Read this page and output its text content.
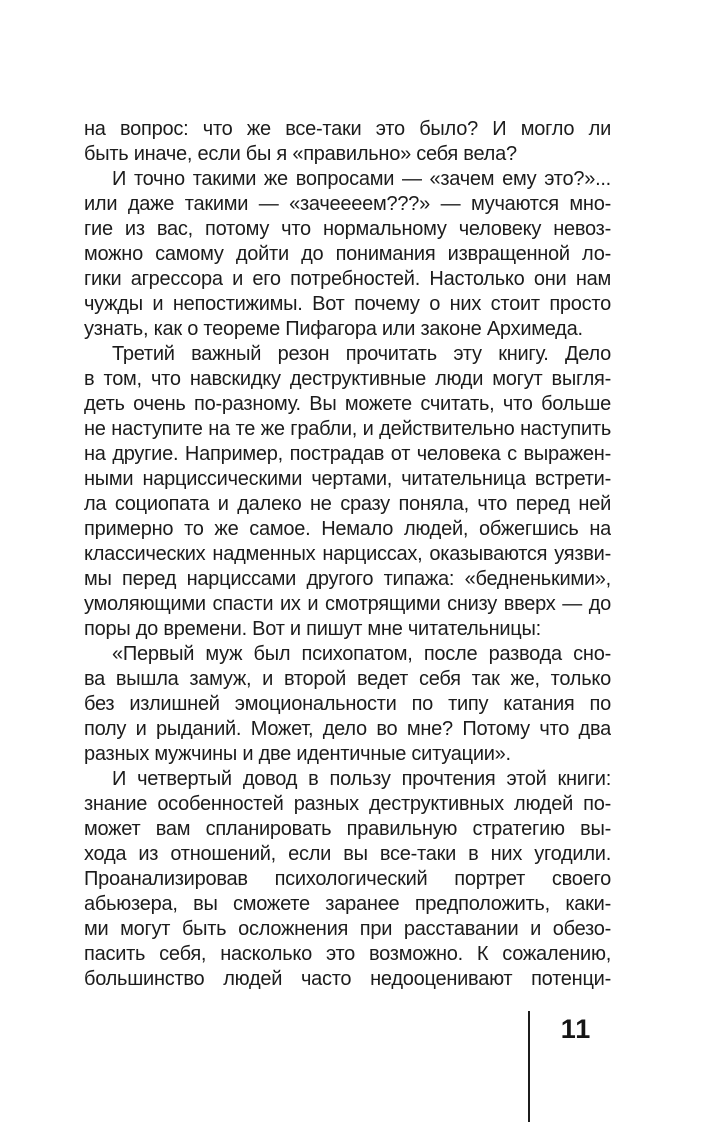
на вопрос: что же все-таки это было? И могло ли
быть иначе, если бы я «правильно» себя вела?
И точно такими же вопросами — «зачем ему это?»...
или даже такими — «зачеееем???» — мучаются мно-
гие из вас, потому что нормальному человеку невоз-
можно самому дойти до понимания извращенной ло-
гики агрессора и его потребностей. Настолько они нам
чужды и непостижимы. Вот почему о них стоит просто
узнать, как о теореме Пифагора или законе Архимеда.
Третий важный резон прочитать эту книгу. Дело
в том, что навскидку деструктивные люди могут выгля-
деть очень по-разному. Вы можете считать, что больше
не наступите на те же грабли, и действительно наступить
на другие. Например, пострадав от человека с выражен-
ными нарциссическими чертами, читательница встрети-
ла социопата и далеко не сразу поняла, что перед ней
примерно то же самое. Немало людей, обжегшись на
классических надменных нарциссах, оказываются уязви-
мы перед нарциссами другого типажа: «бедненькими»,
умоляющими спасти их и смотрящими снизу вверх — до
поры до времени. Вот и пишут мне читательницы:
«Первый муж был психопатом, после развода сно-
ва вышла замуж, и второй ведет себя так же, только
без излишней эмоциональности по типу катания по
полу и рыданий. Может, дело во мне? Потому что два
разных мужчины и две идентичные ситуации».
И четвертый довод в пользу прочтения этой книги:
знание особенностей разных деструктивных людей по-
может вам спланировать правильную стратегию вы-
хода из отношений, если вы все-таки в них угодили.
Проанализировав психологический портрет своего
абьюзера, вы сможете заранее предположить, каки-
ми могут быть осложнения при расставании и обезо-
пасить себя, насколько это возможно. К сожалению,
большинство людей часто недооценивают потенци-
11
